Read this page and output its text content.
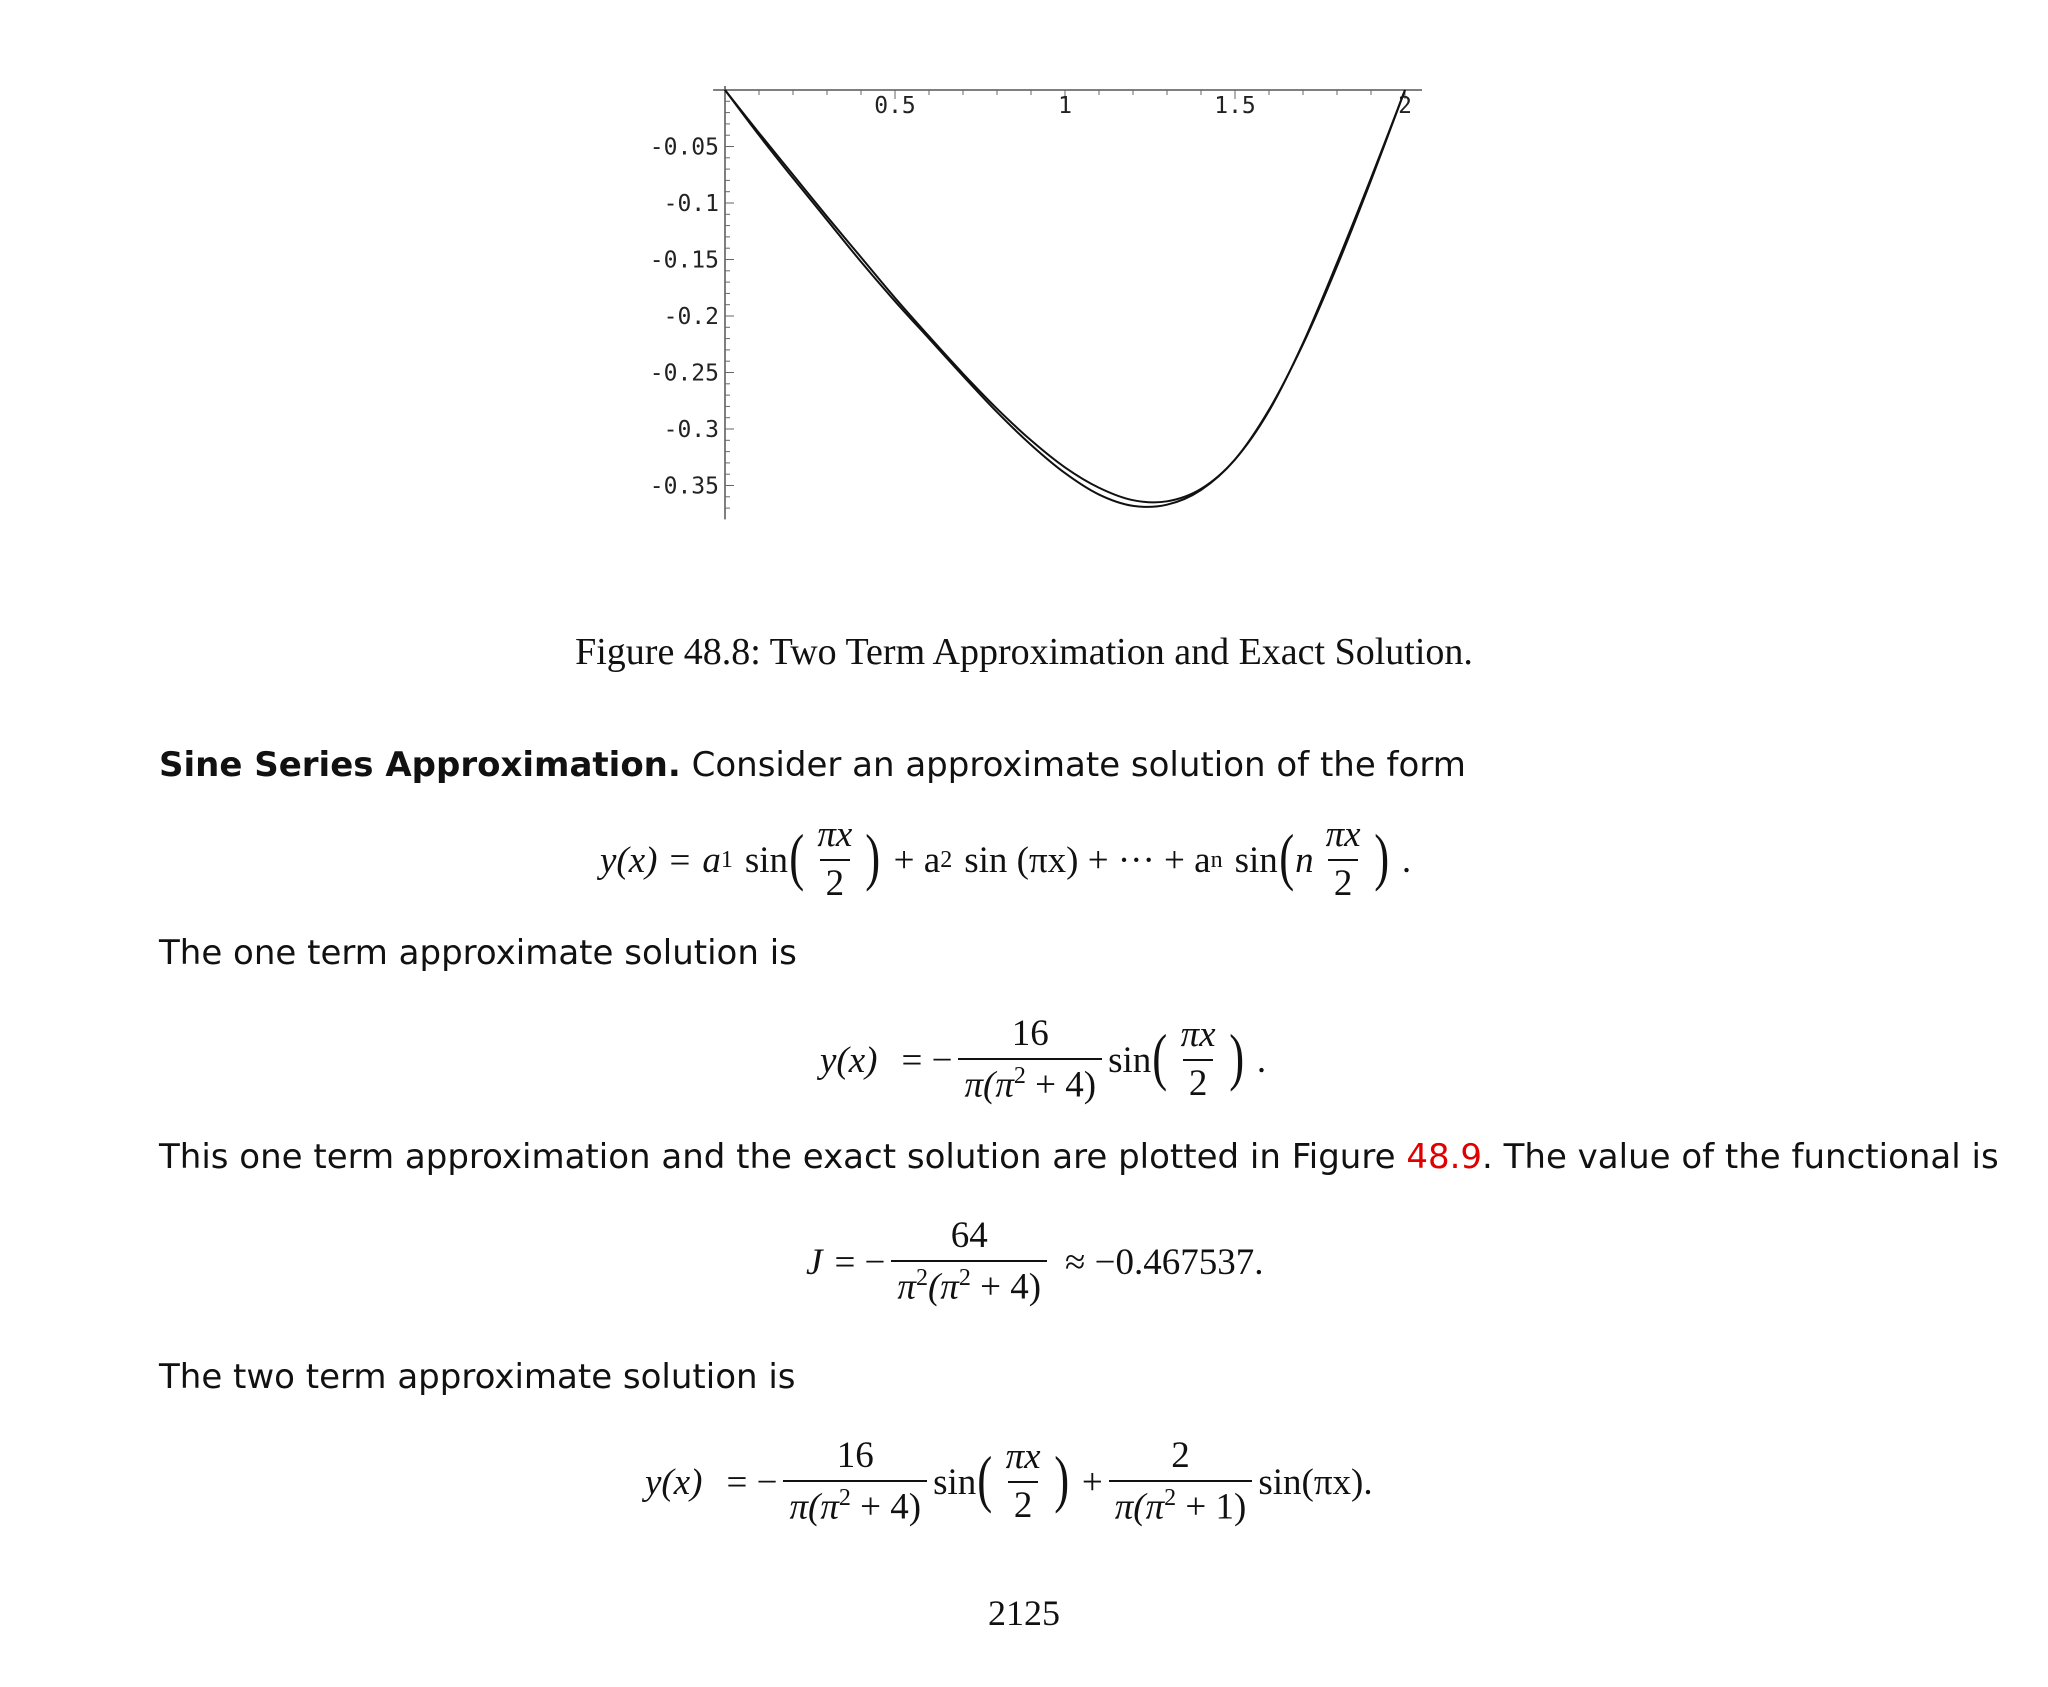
0.5	1	1.5	2
-0.05
-0.1
-0.15
-0.2
-0.25
-0.3
-0.35
Figure 48.8: Two Term Approximation and Exact Solution.
Sine Series Approximation. Consider an approximate solution of the form
y(x) = a 1 sin ( $\frac{\pi x}{2}$ ) + a 2 sin (πx) + ··· + a n sin ( n $\frac{\pi x}{2}$ ) .
The one term approximate solution is
y(x) = − $\frac{16}{\pi(\pi^2 + 4)}$ sin ( $\frac{\pi x}{2}$ ) .
This one term approximation and the exact solution are plotted in Figure 48.9. The value of the functional is
J = − $\frac{64}{\pi^2(\pi^2 + 4)} \approx -0.467537$.
The two term approximate solution is
y(x) = − $\frac{16}{\pi(\pi^2 + 4)}$ sin ( $\frac{\pi x}{2}$ ) + $\frac{2}{\pi(\pi^2 + 1)} \sin(\pi x)$.
2125
